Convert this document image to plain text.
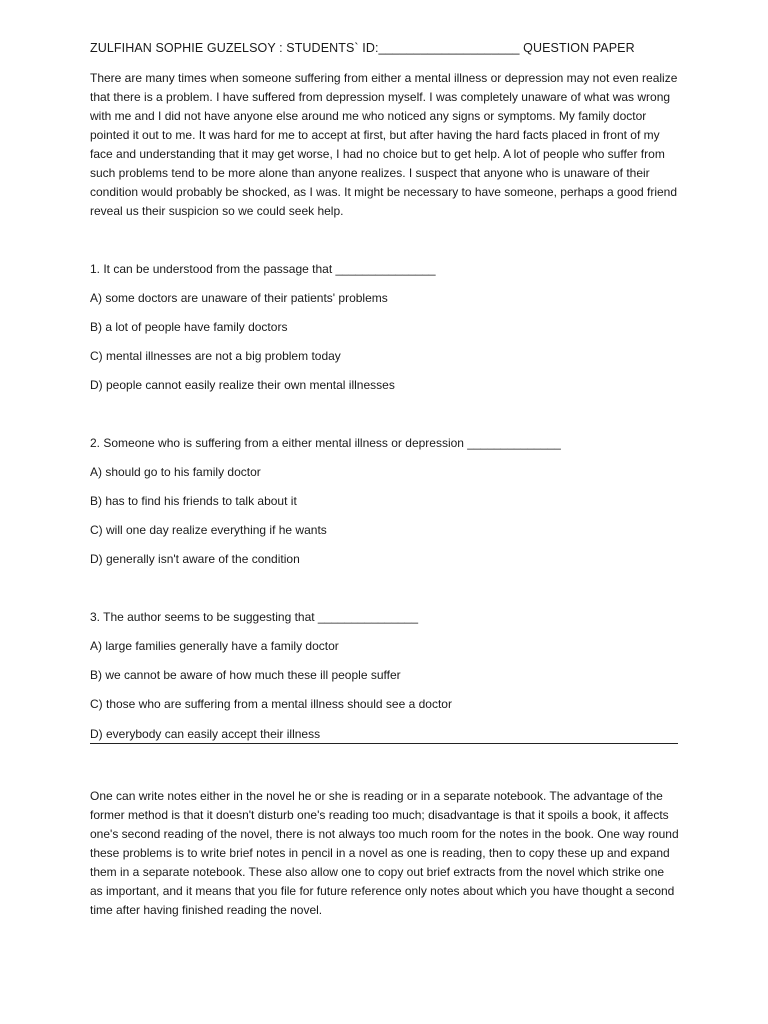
ZULFIHAN SOPHIE GUZELSOY : STUDENTS` ID:____________________ QUESTION PAPER

There are many times when someone suffering from either a mental illness or depression may not even realize that there is a problem. I have suffered from depression myself. I was completely unaware of what was wrong with me and I did not have anyone else around me who noticed any signs or symptoms. My family doctor pointed it out to me. It was hard for me to accept at first, but after having the hard facts placed in front of my face and understanding that it may get worse, I had no choice but to get help. A lot of people who suffer from such problems tend to be more alone than anyone realizes. I suspect that anyone who is unaware of their condition would probably be shocked, as I was. It might be necessary to have someone, perhaps a good friend reveal us their suspicion so we could seek help.

1. It can be understood from the passage that _______________
A) some doctors are unaware of their patients' problems
B) a lot of people have family doctors
C) mental illnesses are not a big problem today
D) people cannot easily realize their own mental illnesses
2. Someone who is suffering from a either mental illness or depression ______________
A) should go to his family doctor
B) has to find his friends to talk about it
C) will one day realize everything if he wants
D) generally isn't aware of the condition
3. The author seems to be suggesting that _______________
A) large families generally have a family doctor
B) we cannot be aware of how much these ill people suffer
C) those who are suffering from a mental illness should see a doctor
D) everybody can easily accept their illness

One can write notes either in the novel he or she is reading or in a separate notebook. The advantage of the former method is that it doesn't disturb one's reading too much; disadvantage is that it spoils a book, it affects one's second reading of the novel, there is not always too much room for the notes in the book. One way round these problems is to write brief notes in pencil in a novel as one is reading, then to copy these up and expand them in a separate notebook. These also allow one to copy out brief extracts from the novel which strike one as important, and it means that you file for future reference only notes about which you have thought a second time after having finished reading the novel.
